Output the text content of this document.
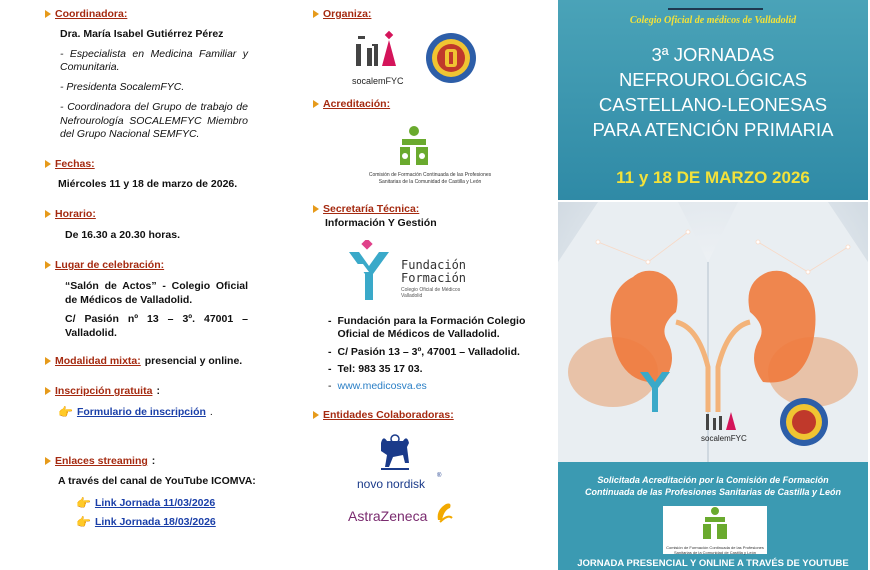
Coordinadora:
Dra. María Isabel Gutiérrez Pérez
- Especialista en Medicina Familiar y Comunitaria.
- Presidenta SocalemFYC.
- Coordinadora del Grupo de trabajo de Nefrourología SOCALEMFYC Miembro del Grupo Nacional SEMFYC.
Fechas:
Miércoles 11 y 18 de marzo de 2026.
Horario:
De 16.30 a 20.30 horas.
Lugar de celebración:
“Salón de Actos” - Colegio Oficial de Médicos de Valladolid.
C/ Pasión nº 13 – 3º. 47001 – Valladolid.
Modalidad mixta: presencial y online.
Inscripción gratuita :
👉 Formulario de inscripción .
Enlaces streaming :
A través del canal de YouTube ICOMVA:
👉 Link Jornada 11/03/2026
👉 Link Jornada 18/03/2026
Organiza:
socalemFYC
Acreditación:
Comisión de Formación Continuada de las Profesiones
Sanitarias de la Comunidad de Castilla y León
Secretaría Técnica:
Información Y Gestión
Fundación
Formación
Colegio Oficial de Médicos
Valladolid
- Fundación para la Formación Colegio Oficial de Médicos de Valladolid.
- C/ Pasión 13 – 3º, 47001 – Valladolid.
- Tel: 983 35 17 03.
- www.medicosva.es
Entidades Colaboradoras:
novo nordisk
®
AstraZeneca
Colegio Oficial de médicos de Valladolid
3ª JORNADAS
NEFROUROLÓGICAS
CASTELLANO-LEONESAS
PARA ATENCIÓN PRIMARIA
11 y 18 DE MARZO 2026
socalemFYC
Solicitada Acreditación por la Comisión de Formación
Continuada de las Profesiones Sanitarias de Castilla y León
Comisión de Formación Continuada de las Profesiones
Sanitarias de la Comunidad de Castilla y León
JORNADA PRESENCIAL Y ONLINE A TRAVÉS DE YOUTUBE
